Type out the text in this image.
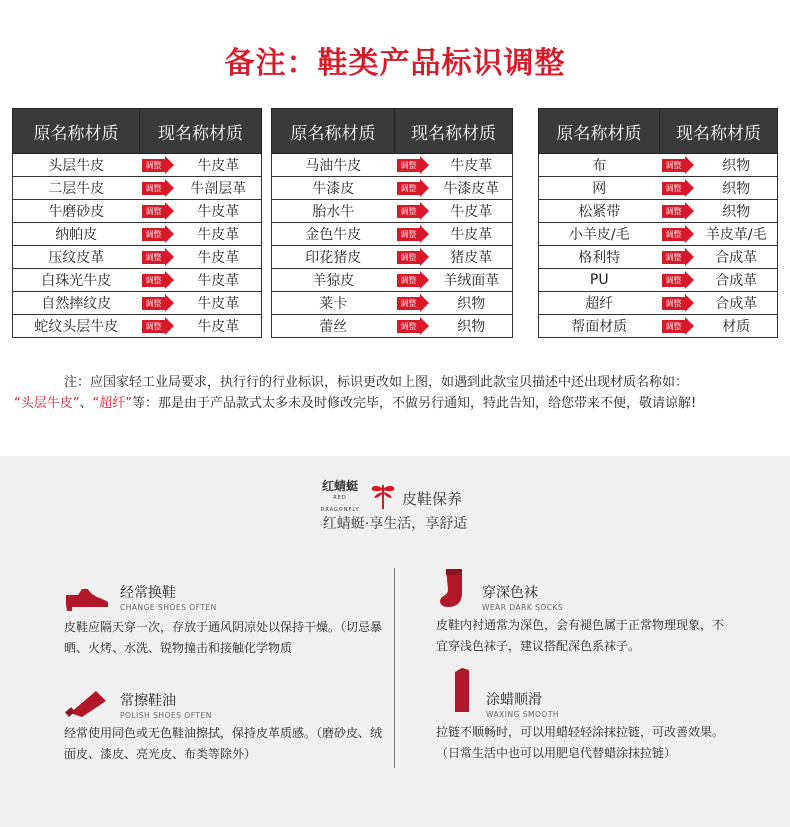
备注：鞋类产品标识调整
原名称材质	现名称材质	
头层牛皮	调整	牛皮革
二层牛皮	调整	牛剖层革
牛磨砂皮	调整	牛皮革
纳帕皮	调整	牛皮革
压纹皮革	调整	牛皮革
白珠光牛皮	调整	牛皮革
自然摔纹皮	调整	牛皮革
蛇纹头层牛皮	调整	牛皮革
原名称材质	现名称材质	
马油牛皮	调整	牛皮革
牛漆皮	调整	牛漆皮革
胎水牛	调整	牛皮革
金色牛皮	调整	牛皮革
印花猪皮	调整	猪皮革
羊猄皮	调整	羊绒面革
莱卡	调整	织物
蕾丝	调整	织物
原名称材质	现名称材质	
布	调整	织物
网	调整	织物
松紧带	调整	织物
小羊皮/毛	调整	羊皮革/毛
格利特	调整	合成革
PU	调整	合成革
超纤	调整	合成革
帮面材质	调整	材质
注：应国家轻工业局要求，执行行的行业标识，标识更改如上图，如遇到此款宝贝描述中还出现材质名称如：
“头层牛皮”、“超纤”等：那是由于产品款式太多未及时修改完毕，不做另行通知，特此告知，给您带来不便，敬请谅解!
红蜻蜓
RED DRAGONFLY
皮鞋保养
红蜻蜓·享生活，享舒适
经常换鞋
CHANGE SHOES OFTEN
皮鞋应隔天穿一次，存放于通风阴凉处以保持干燥。（切忌暴晒、火烤、水洗、锐物撞击和接触化学物质
穿深色袜
WEAR DARK SOCKS
皮鞋内衬通常为深色，会有褪色属于正常物理现象，不宜穿浅色袜子，建议搭配深色系袜子。
常擦鞋油
POLISH SHOES OFTEN
经常使用同色或无色鞋油擦拭，保持皮革质感。（磨砂皮、绒面皮、漆皮、亮光皮、布类等除外）
涂蜡顺滑
WAXING SMOOTH
拉链不顺畅时，可以用蜡轻轻涂抹拉链，可改善效果。（日常生活中也可以用肥皂代替蜡涂抹拉链）
